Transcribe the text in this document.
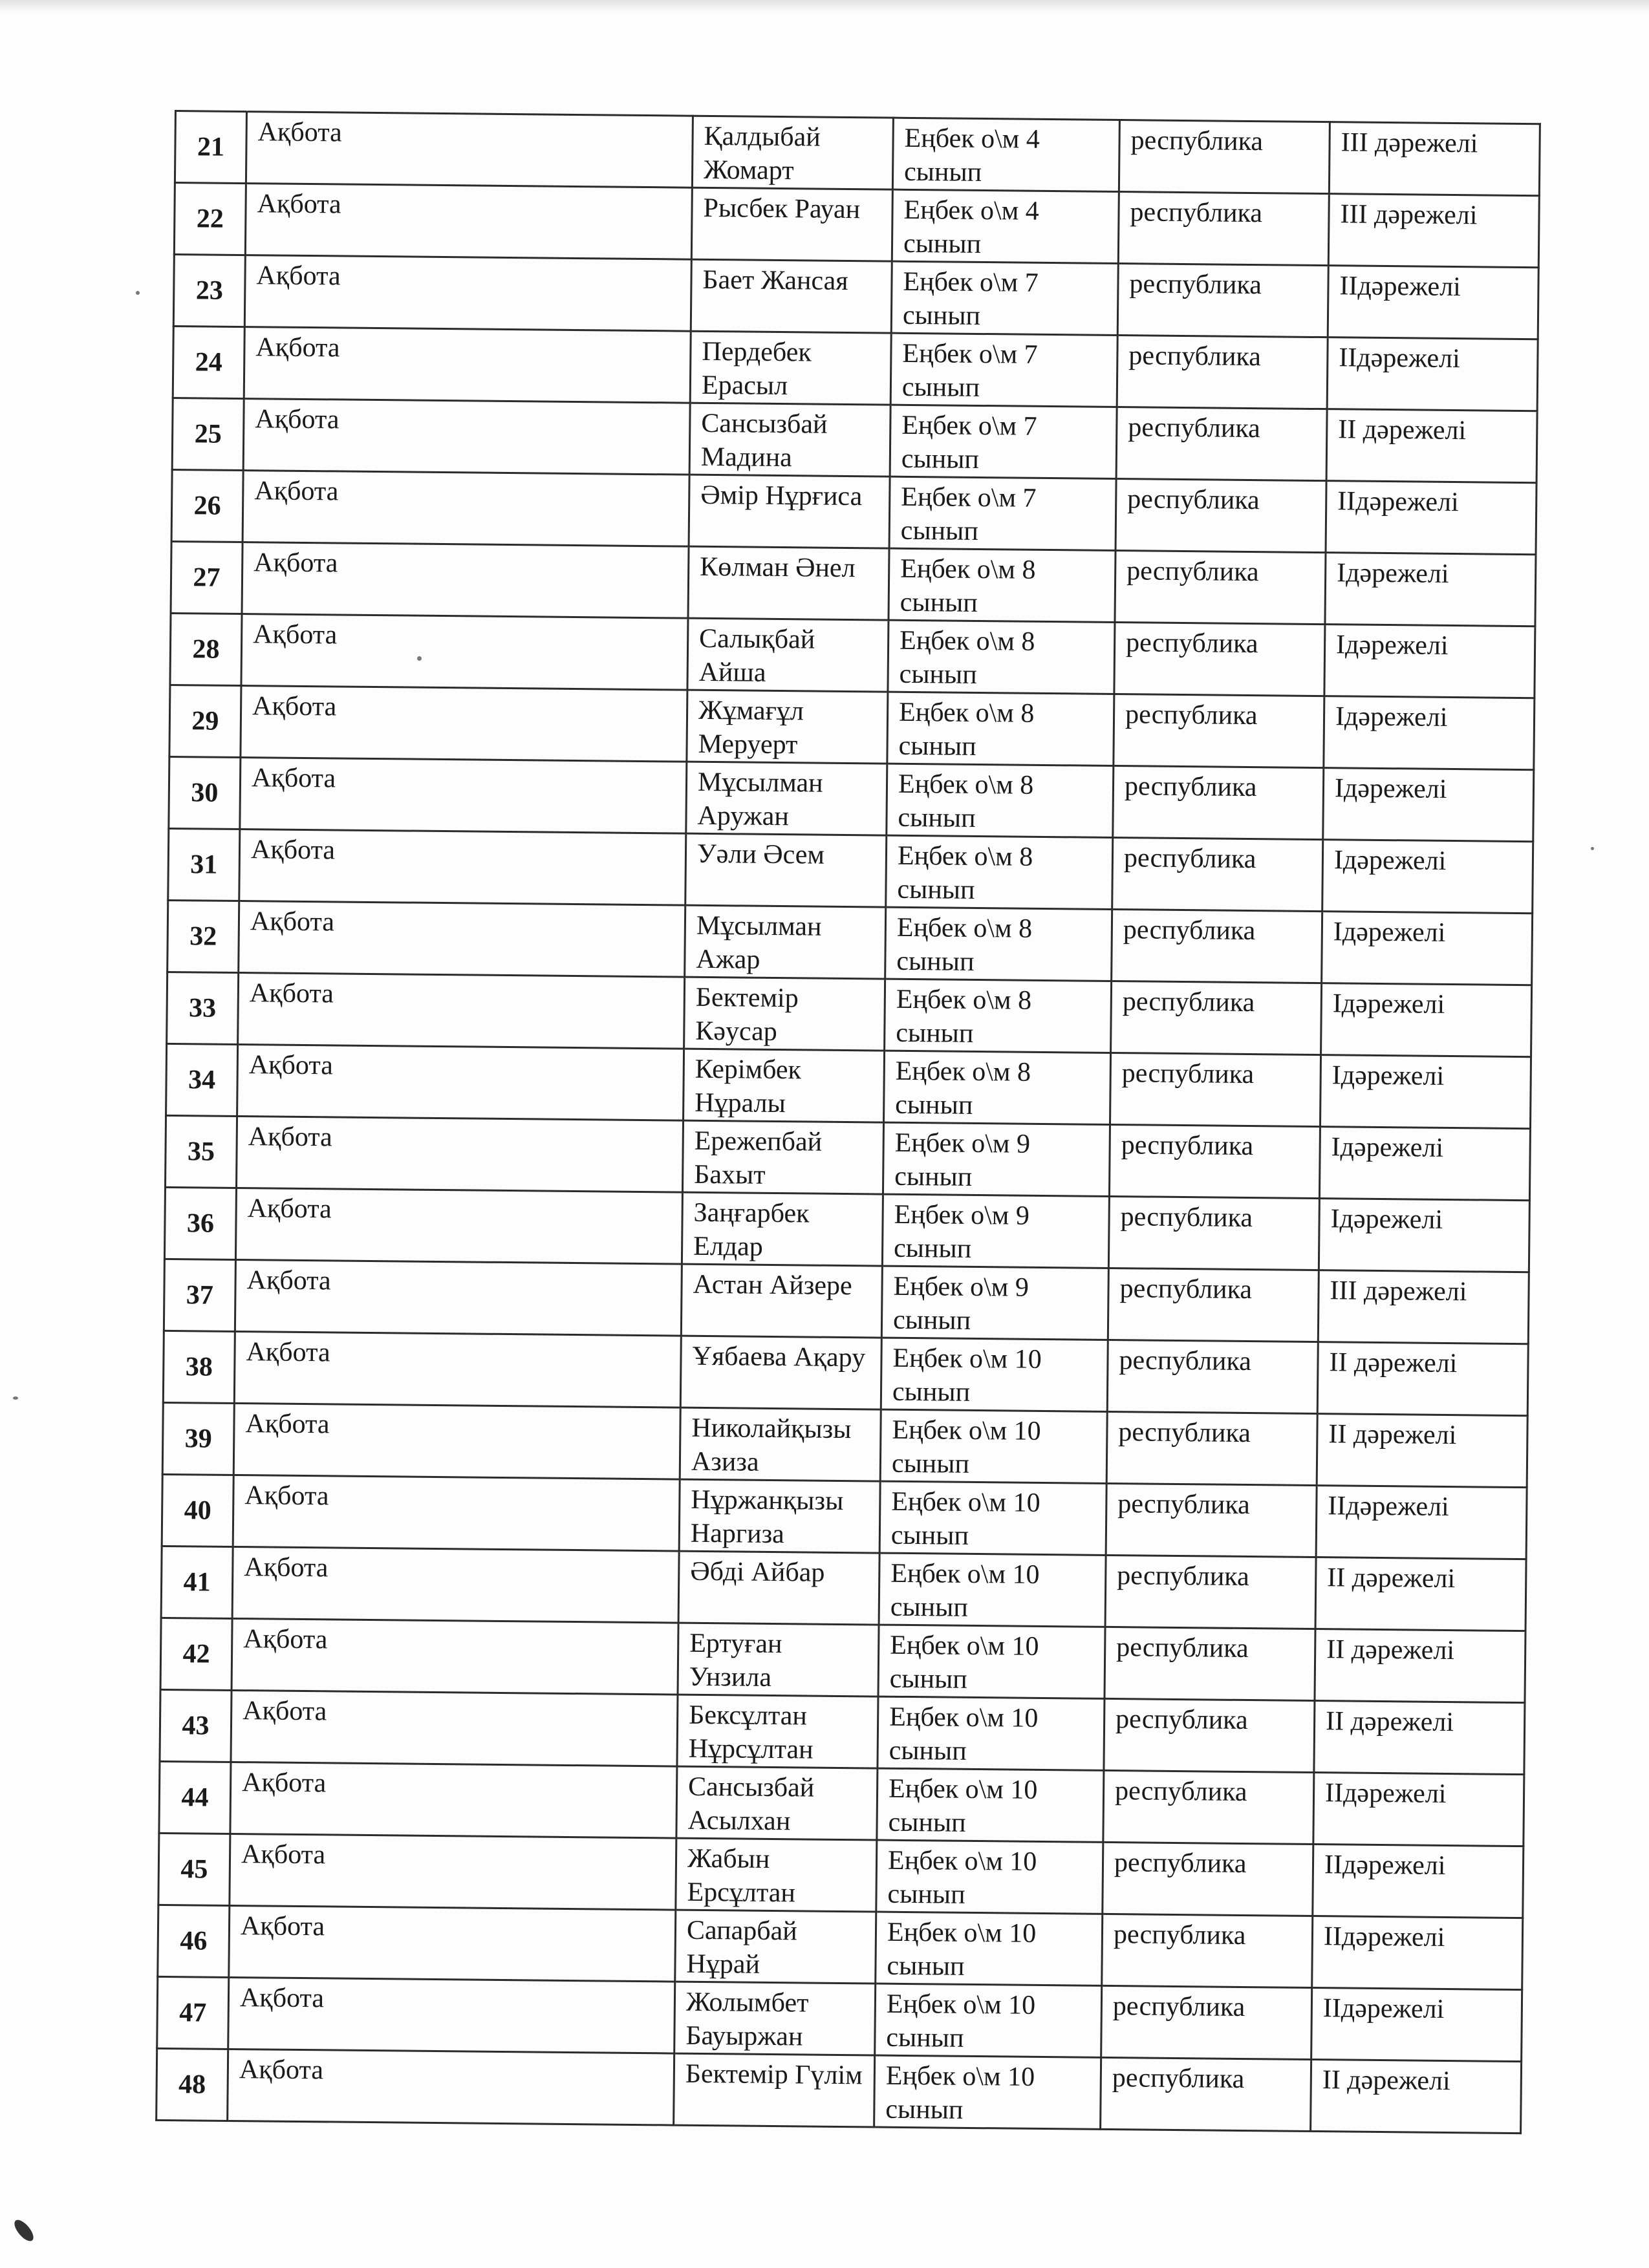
21	Ақбота	Қалдыбай Жомарт	Еңбек о\м 4 сынып	республика	ІІІ дәрежелі
22	Ақбота	Рысбек Рауан	Еңбек о\м 4 сынып	республика	ІІІ дәрежелі
23	Ақбота	Бает Жансая	Еңбек о\м 7 сынып	республика	ІІдәрежелі
24	Ақбота	Пердебек Ерасыл	Еңбек о\м 7 сынып	республика	ІІдәрежелі
25	Ақбота	Сансызбай Мадина	Еңбек о\м 7 сынып	республика	ІІ дәрежелі
26	Ақбота	Әмір Нұрғиса	Еңбек о\м 7 сынып	республика	ІІдәрежелі
27	Ақбота	Көлман Әнел	Еңбек о\м 8 сынып	республика	Ідәрежелі
28	Ақбота	Салықбай Айша	Еңбек о\м 8 сынып	республика	Ідәрежелі
29	Ақбота	Жұмағұл Меруерт	Еңбек о\м 8 сынып	республика	Ідәрежелі
30	Ақбота	Мұсылман Аружан	Еңбек о\м 8 сынып	республика	Ідәрежелі
31	Ақбота	Уәли Әсем	Еңбек о\м 8 сынып	республика	Ідәрежелі
32	Ақбота	Мұсылман Ажар	Еңбек о\м 8 сынып	республика	Ідәрежелі
33	Ақбота	Бектемір Кәусар	Еңбек о\м 8 сынып	республика	Ідәрежелі
34	Ақбота	Керімбек Нұралы	Еңбек о\м 8 сынып	республика	Ідәрежелі
35	Ақбота	Ережепбай Бахыт	Еңбек о\м 9 сынып	республика	Ідәрежелі
36	Ақбота	Заңғарбек Елдар	Еңбек о\м 9 сынып	республика	Ідәрежелі
37	Ақбота	Астан Айзере	Еңбек о\м 9 сынып	республика	ІІІ дәрежелі
38	Ақбота	Ұябаева Ақару	Еңбек о\м 10 сынып	республика	ІІ дәрежелі
39	Ақбота	Николайқызы Азиза	Еңбек о\м 10 сынып	республика	ІІ дәрежелі
40	Ақбота	Нұржанқызы Наргиза	Еңбек о\м 10 сынып	республика	ІІдәрежелі
41	Ақбота	Әбді Айбар	Еңбек о\м 10 сынып	республика	ІІ дәрежелі
42	Ақбота	Ертуған Унзила	Еңбек о\м 10 сынып	республика	ІІ дәрежелі
43	Ақбота	Бексұлтан Нұрсұлтан	Еңбек о\м 10 сынып	республика	ІІ дәрежелі
44	Ақбота	Сансызбай Асылхан	Еңбек о\м 10 сынып	республика	ІІдәрежелі
45	Ақбота	Жабын Ерсұлтан	Еңбек о\м 10 сынып	республика	ІІдәрежелі
46	Ақбота	Сапарбай Нұрай	Еңбек о\м 10 сынып	республика	ІІдәрежелі
47	Ақбота	Жолымбет Бауыржан	Еңбек о\м 10 сынып	республика	ІІдәрежелі
48	Ақбота	Бектемір Гүлім	Еңбек о\м 10 сынып	республика	ІІ дәрежелі
